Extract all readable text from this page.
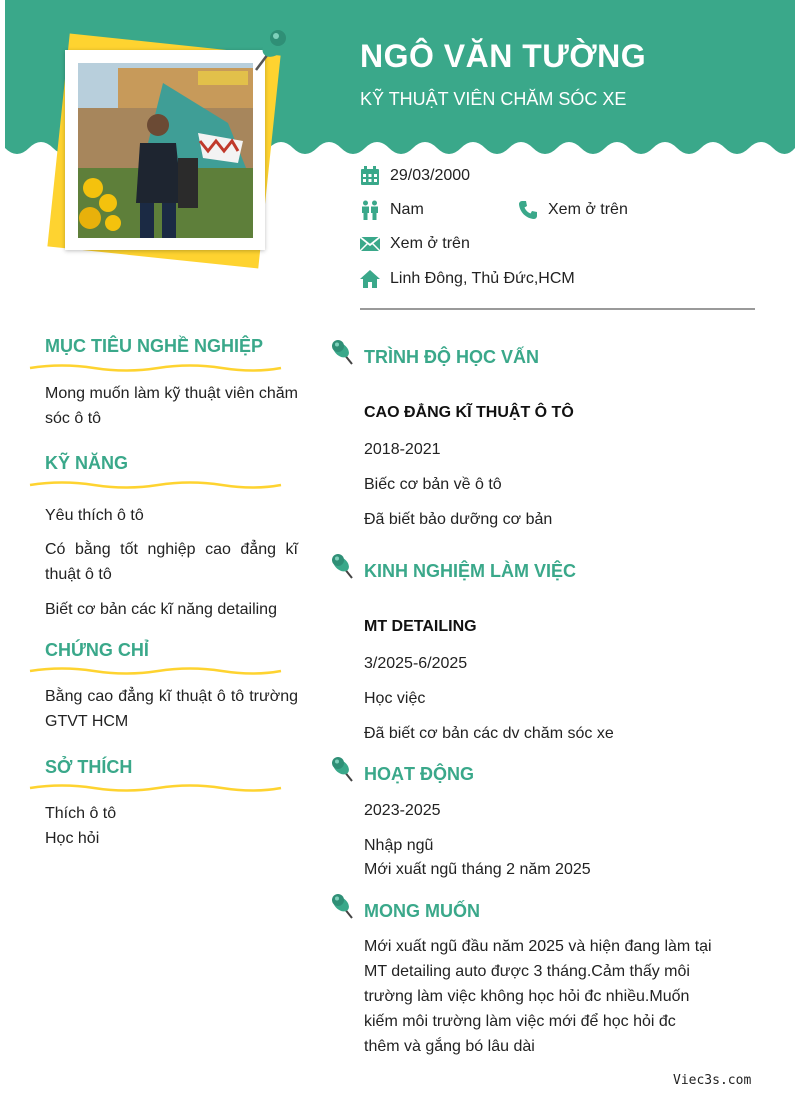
NGÔ VĂN TƯỜNG
KỸ THUẬT VIÊN CHĂM SÓC XE
29/03/2000
Nam	Xem ở trên
Xem ở trên
Linh Đông, Thủ Đức,HCM
MỤC TIÊU NGHỀ NGHIỆP
Mong muốn làm kỹ thuật viên chăm sóc ô tô
KỸ NĂNG
Yêu thích ô tô
Có bằng tốt nghiệp cao đẳng kĩ thuật ô tô
Biết cơ bản các kĩ năng detailing
CHỨNG CHỈ
Bằng cao đẳng kĩ thuật ô tô trường GTVT HCM
SỞ THÍCH
Thích ô tô
Học hỏi
TRÌNH ĐỘ HỌC VẤN
CAO ĐẲNG KĨ THUẬT Ô TÔ
2018-2021
Biếc cơ bản về ô tô
Đã biết bảo dưỡng cơ bản
KINH NGHIỆM LÀM VIỆC
MT DETAILING
3/2025-6/2025
Học việc
Đã biết cơ bản các dv chăm sóc xe
HOẠT ĐỘNG
2023-2025
Nhập ngũ
Mới xuất ngũ tháng 2 năm 2025
MONG MUỐN
Mới xuất ngũ đầu năm 2025 và hiện đang làm tại
MT detailing auto được 3 tháng.Cảm thấy môi
trường làm việc không học hỏi đc nhiều.Muốn
kiếm môi trường làm việc mới để học hỏi đc
thêm và gắng bó lâu dài
Viec3s.com
